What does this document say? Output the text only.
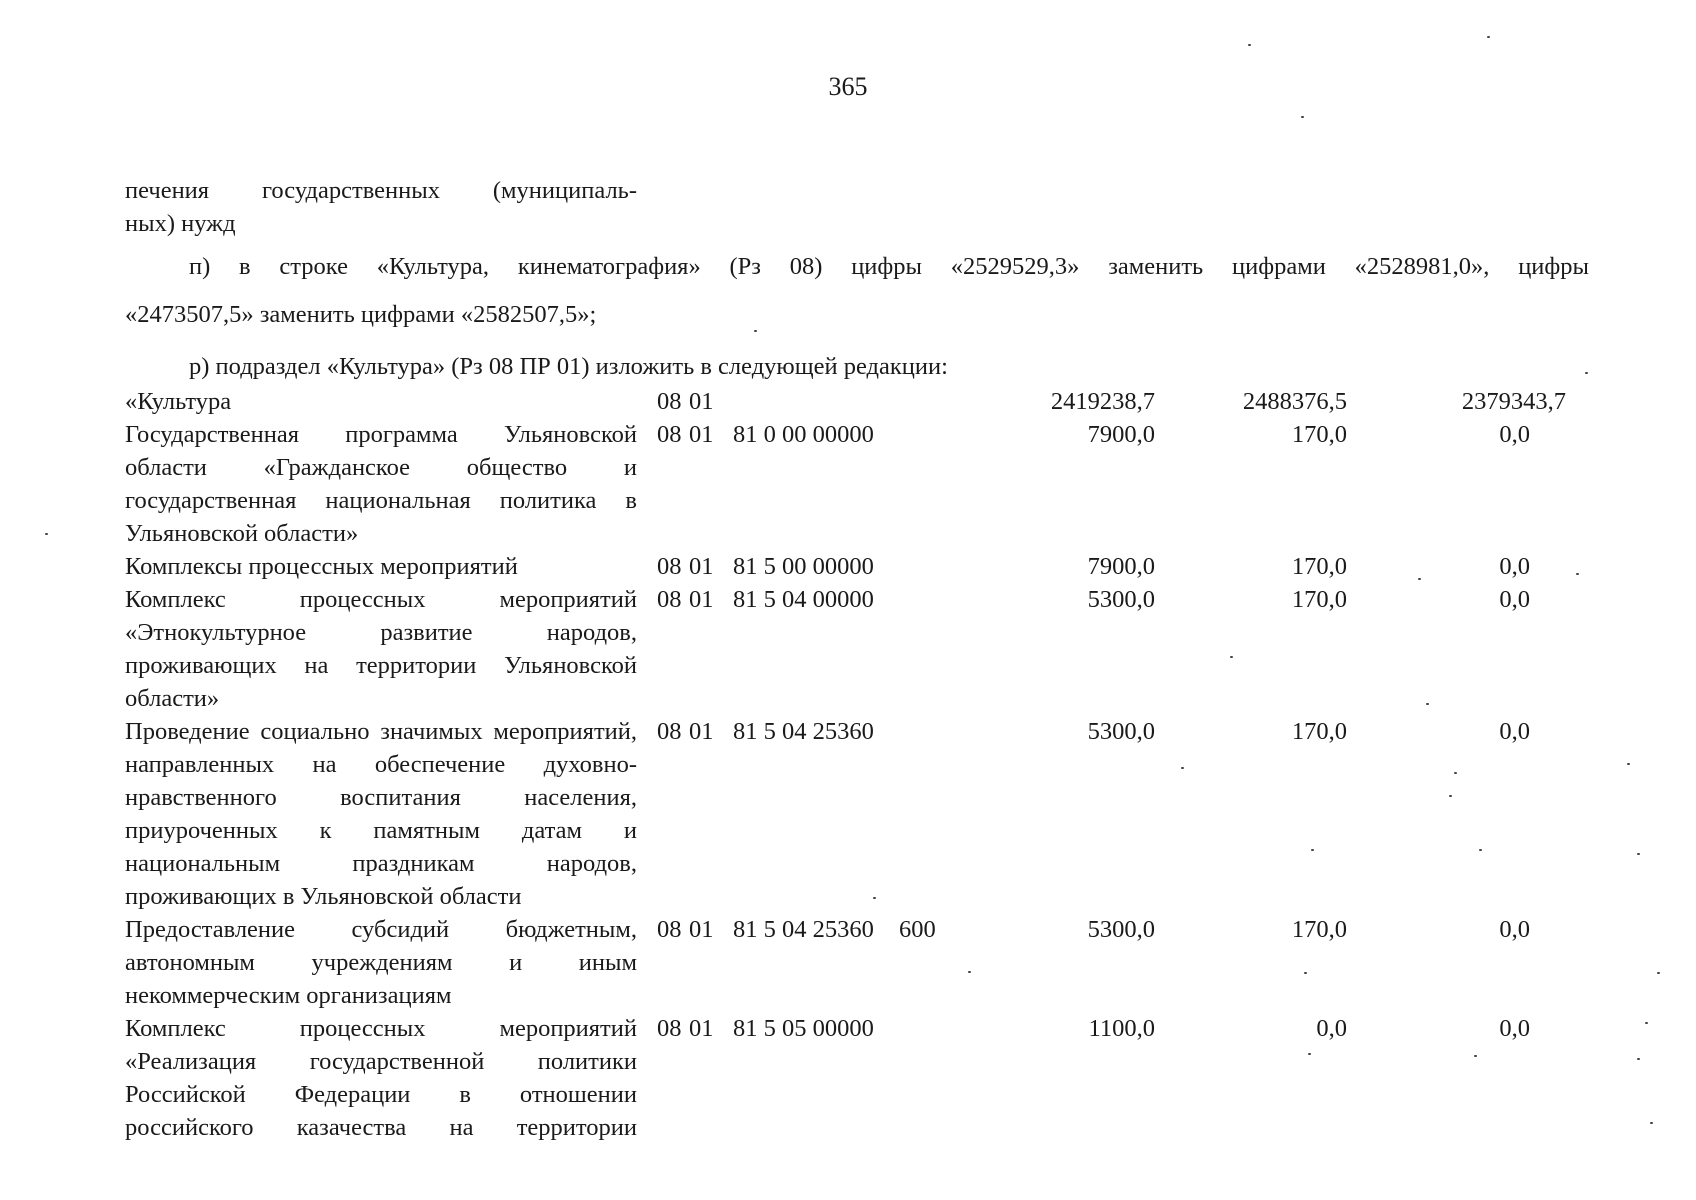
365
печения государственных (муниципаль-
ных) нужд
п) в строке «Культура, кинематография» (Рз 08) цифры «2529529,3» заменить цифрами «2528981,0», цифры
«2473507,5» заменить цифрами «2582507,5»;
р) подраздел «Культура» (Рз 08 ПР 01) изложить в следующей редакции:
«Культура	08	01			2419238,7	2488376,5	2379343,7
Государственная программа Ульяновской области «Гражданское общество и государственная национальная политика в Ульяновской области»	08	01	81 0 00 00000		7900,0	170,0	0,0
Комплексы процессных мероприятий	08	01	81 5 00 00000		7900,0	170,0	0,0
Комплекс процессных мероприятий «Этнокультурное развитие народов, проживающих на территории Ульяновской области»	08	01	81 5 04 00000		5300,0	170,0	0,0
Проведение социально значимых мероприятий, направленных на обеспечение духовно-нравственного воспитания населения, приуроченных к памятным датам и национальным праздникам народов, проживающих в Ульяновской области	08	01	81 5 04 25360		5300,0	170,0	0,0
Предоставление субсидий бюджетным, автономным учреждениям и иным некоммерческим организациям	08	01	81 5 04 25360	600	5300,0	170,0	0,0
Комплекс процессных мероприятий «Реализация государственной политики Российской Федерации в отношении российского казачества на территории	08	01	81 5 05 00000		1100,0	0,0	0,0
